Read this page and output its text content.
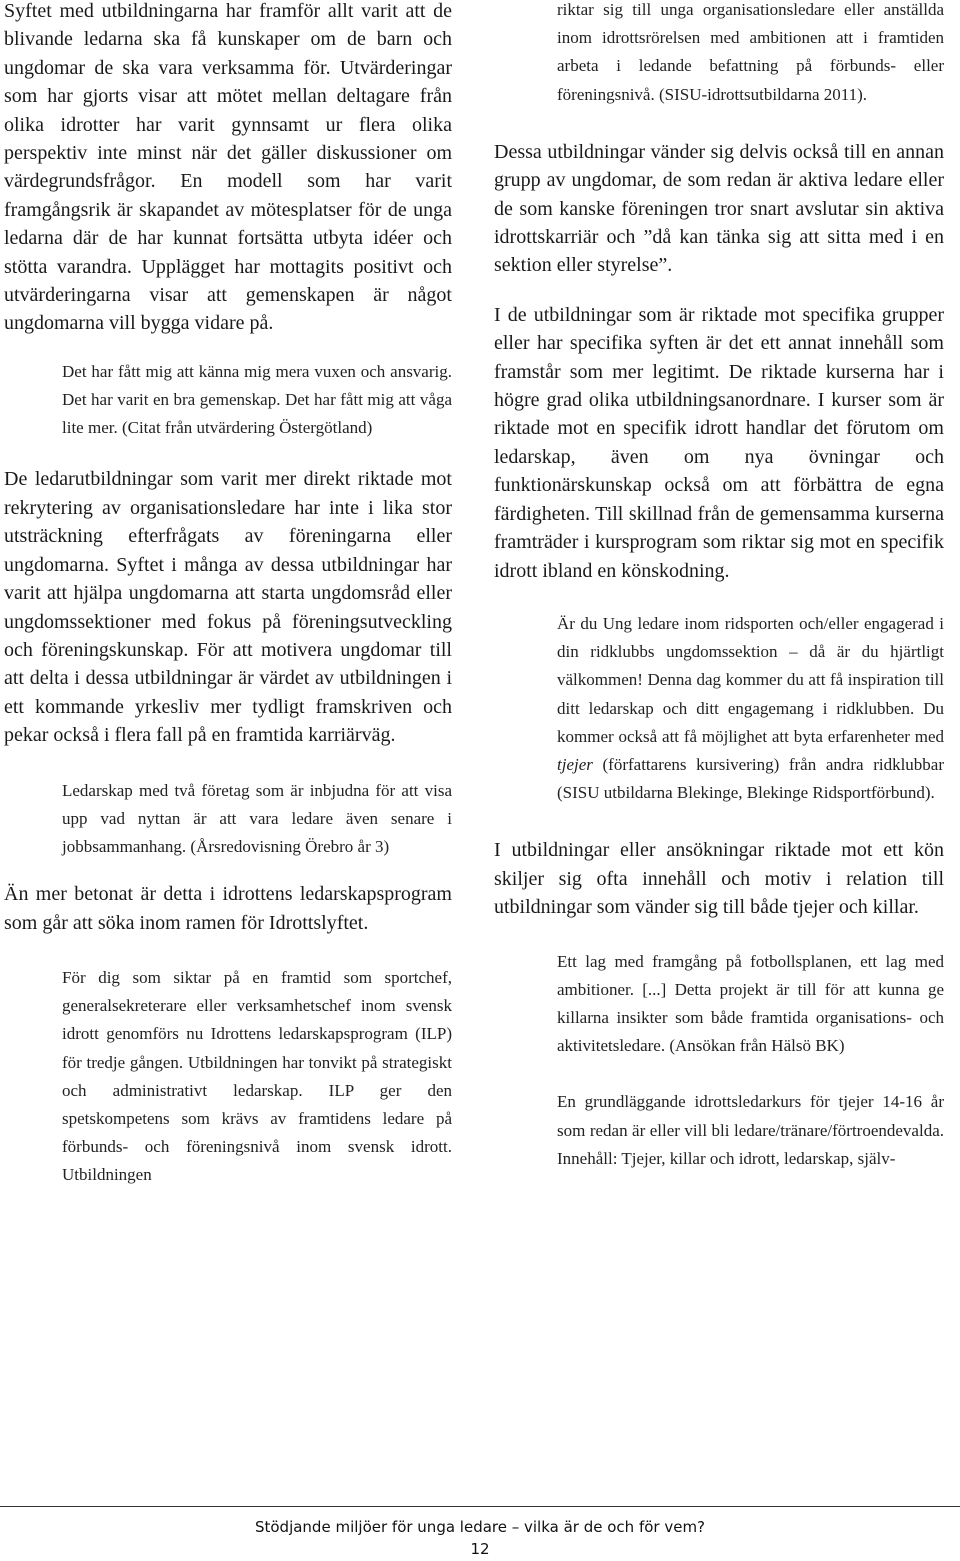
Syftet med utbildningarna har framför allt varit att de blivande ledarna ska få kunskaper om de barn och ungdomar de ska vara verksamma för. Utvärderingar som har gjorts visar att mötet mellan deltagare från olika idrotter har varit gynnsamt ur flera olika perspektiv inte minst när det gäller diskussioner om värdegrundsfrågor. En modell som har varit framgångsrik är skapandet av mötesplatser för de unga ledarna där de har kunnat fortsätta utbyta idéer och stötta varandra. Upplägget har mottagits positivt och utvärderingarna visar att gemenskapen är något ungdomarna vill bygga vidare på.

Det har fått mig att känna mig mera vuxen och ansvarig. Det har varit en bra gemenskap. Det har fått mig att våga lite mer. (Citat från utvärdering Östergötland)

De ledarutbildningar som varit mer direkt riktade mot rekrytering av organisationsledare har inte i lika stor utsträckning efterfrågats av föreningarna eller ungdomarna. Syftet i många av dessa utbildningar har varit att hjälpa ungdomarna att starta ungdomsråd eller ungdomssektioner med fokus på föreningsutveckling och föreningskunskap. För att motivera ungdomar till att delta i dessa utbildningar är värdet av utbildningen i ett kommande yrkesliv mer tydligt framskriven och pekar också i flera fall på en framtida karriärväg.

Ledarskap med två företag som är inbjudna för att visa upp vad nyttan är att vara ledare även senare i jobbsammanhang. (Årsredovisning Örebro år 3)

Än mer betonat är detta i idrottens ledarskapsprogram som går att söka inom ramen för Idrottslyftet.

För dig som siktar på en framtid som sportchef, generalsekreterare eller verksamhetschef inom svensk idrott genomförs nu Idrottens ledarskapsprogram (ILP) för tredje gången. Utbildningen har tonvikt på strategiskt och administrativt ledarskap. ILP ger den spetskompetens som krävs av framtidens ledare på förbunds- och föreningsnivå inom svensk idrott. Utbildningen

riktar sig till unga organisationsledare eller anställda inom idrottsrörelsen med ambitionen att i framtiden arbeta i ledande befattning på förbunds- eller föreningsnivå. (SISU-idrottsutbildarna 2011).

Dessa utbildningar vänder sig delvis också till en annan grupp av ungdomar, de som redan är aktiva ledare eller de som kanske föreningen tror snart avslutar sin aktiva idrottskarriär och ”då kan tänka sig att sitta med i en sektion eller styrelse”.

I de utbildningar som är riktade mot specifika grupper eller har specifika syften är det ett annat innehåll som framstår som mer legitimt. De riktade kurserna har i högre grad olika utbildningsanordnare. I kurser som är riktade mot en specifik idrott handlar det förutom om ledarskap, även om nya övningar och funktionärskunskap också om att förbättra de egna färdigheten. Till skillnad från de gemensamma kurserna framträder i kursprogram som riktar sig mot en specifik idrott ibland en könskodning.

Är du Ung ledare inom ridsporten och/eller engagerad i din ridklubbs ungdomssektion – då är du hjärtligt välkommen! Denna dag kommer du att få inspiration till ditt ledarskap och ditt engagemang i ridklubben. Du kommer också att få möjlighet att byta erfarenheter med tjejer (författarens kursivering) från andra ridklubbar (SISU utbildarna Blekinge, Blekinge Ridsportförbund).

I utbildningar eller ansökningar riktade mot ett kön skiljer sig ofta innehåll och motiv i relation till utbildningar som vänder sig till både tjejer och killar.

Ett lag med framgång på fotbollsplanen, ett lag med ambitioner. [...] Detta projekt är till för att kunna ge killarna insikter som både framtida organisations- och aktivitetsledare. (Ansökan från Hälsö BK)

En grundläggande idrottsledarkurs för tjejer 14-16 år som redan är eller vill bli ledare/tränare/förtroendevalda. Innehåll: Tjejer, killar och idrott, ledarskap, själv-

Stödjande miljöer för unga ledare – vilka är de och för vem?
12
